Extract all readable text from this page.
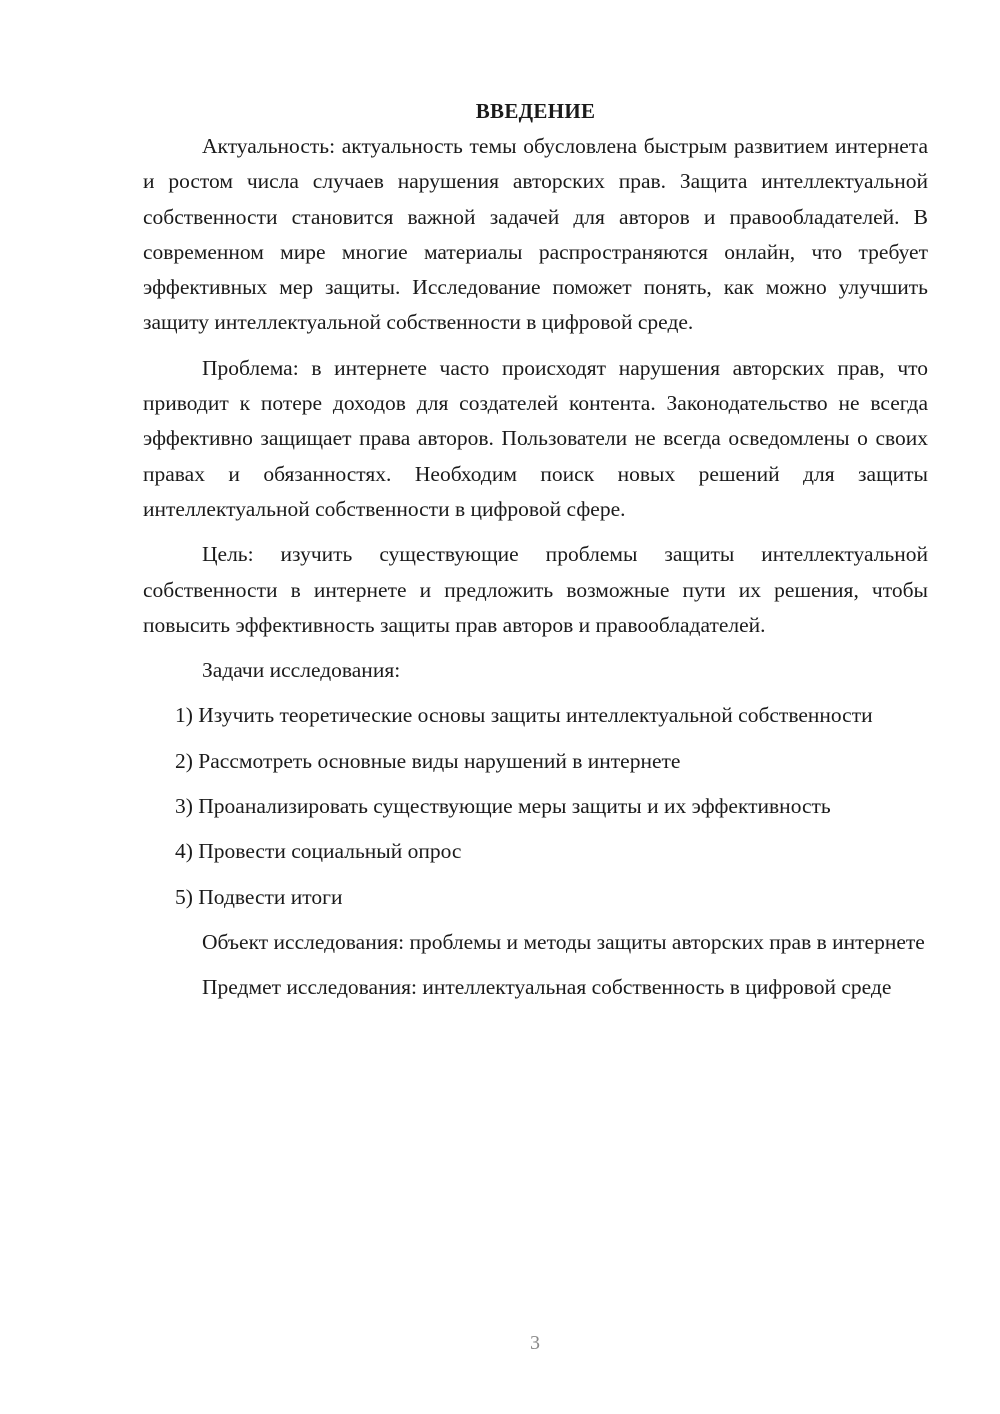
ВВЕДЕНИЕ

Актуальность: актуальность темы обусловлена быстрым развитием интернета и ростом числа случаев нарушения авторских прав. Защита интеллектуальной собственности становится важной задачей для авторов и правообладателей. В современном мире многие материалы распространяются онлайн, что требует эффективных мер защиты. Исследование поможет понять, как можно улучшить защиту интеллектуальной собственности в цифровой среде.

Проблема: в интернете часто происходят нарушения авторских прав, что приводит к потере доходов для создателей контента. Законодательство не всегда эффективно защищает права авторов. Пользователи не всегда осведомлены о своих правах и обязанностях. Необходим поиск новых решений для защиты интеллектуальной собственности в цифровой сфере.

Цель: изучить существующие проблемы защиты интеллектуальной собственности в интернете и предложить возможные пути их решения, чтобы повысить эффективность защиты прав авторов и правообладателей.

Задачи исследования:

1) Изучить теоретические основы защиты интеллектуальной собственности

2) Рассмотреть основные виды нарушений в интернете

3) Проанализировать существующие меры защиты и их эффективность

4) Провести социальный опрос

5) Подвести итоги

Объект исследования: проблемы и методы защиты авторских прав в интернете

Предмет исследования: интеллектуальная собственность в цифровой среде

3
